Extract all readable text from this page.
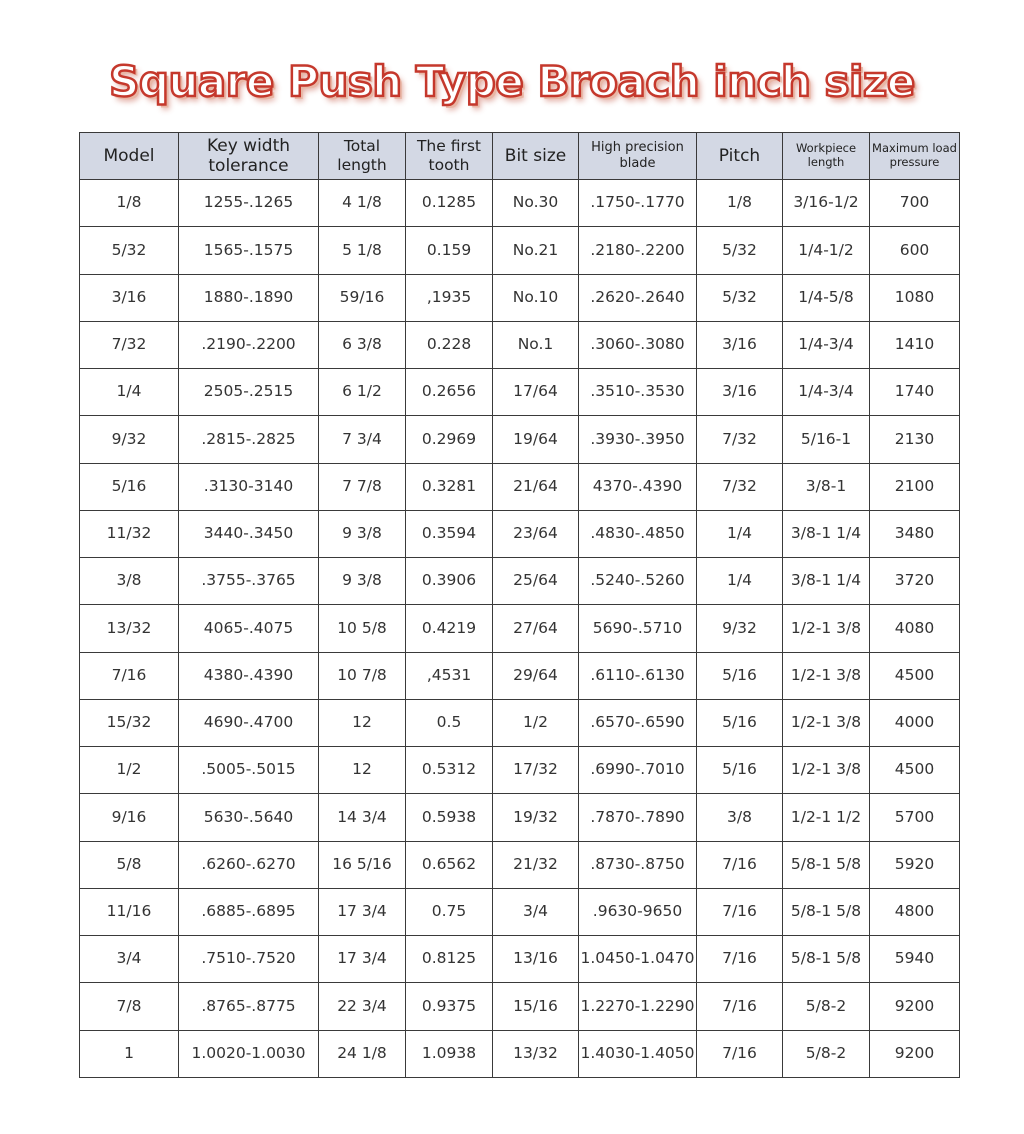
Square Push Type Broach inch size
Model	Key width tolerance	Total length	The first tooth	Bit size	High precision blade	Pitch	Workpiece length	Maximum load pressure
1/8	1255-.1265	4 1/8	0.1285	No.30	.1750-.1770	1/8	3/16-1/2	700
5/32	1565-.1575	5 1/8	0.159	No.21	.2180-.2200	5/32	1/4-1/2	600
3/16	1880-.1890	59/16	,1935	No.10	.2620-.2640	5/32	1/4-5/8	1080
7/32	.2190-.2200	6 3/8	0.228	No.1	.3060-.3080	3/16	1/4-3/4	1410
1/4	2505-.2515	6 1/2	0.2656	17/64	.3510-.3530	3/16	1/4-3/4	1740
9/32	.2815-.2825	7 3/4	0.2969	19/64	.3930-.3950	7/32	5/16-1	2130
5/16	.3130-3140	7 7/8	0.3281	21/64	4370-.4390	7/32	3/8-1	2100
11/32	3440-.3450	9 3/8	0.3594	23/64	.4830-.4850	1/4	3/8-1 1/4	3480
3/8	.3755-.3765	9 3/8	0.3906	25/64	.5240-.5260	1/4	3/8-1 1/4	3720
13/32	4065-.4075	10 5/8	0.4219	27/64	5690-.5710	9/32	1/2-1 3/8	4080
7/16	4380-.4390	10 7/8	,4531	29/64	.6110-.6130	5/16	1/2-1 3/8	4500
15/32	4690-.4700	12	0.5	1/2	.6570-.6590	5/16	1/2-1 3/8	4000
1/2	.5005-.5015	12	0.5312	17/32	.6990-.7010	5/16	1/2-1 3/8	4500
9/16	5630-.5640	14 3/4	0.5938	19/32	.7870-.7890	3/8	1/2-1 1/2	5700
5/8	.6260-.6270	16 5/16	0.6562	21/32	.8730-.8750	7/16	5/8-1 5/8	5920
11/16	.6885-.6895	17 3/4	0.75	3/4	.9630-9650	7/16	5/8-1 5/8	4800
3/4	.7510-.7520	17 3/4	0.8125	13/16	1.0450-1.0470	7/16	5/8-1 5/8	5940
7/8	.8765-.8775	22 3/4	0.9375	15/16	1.2270-1.2290	7/16	5/8-2	9200
1	1.0020-1.0030	24 1/8	1.0938	13/32	1.4030-1.4050	7/16	5/8-2	9200
